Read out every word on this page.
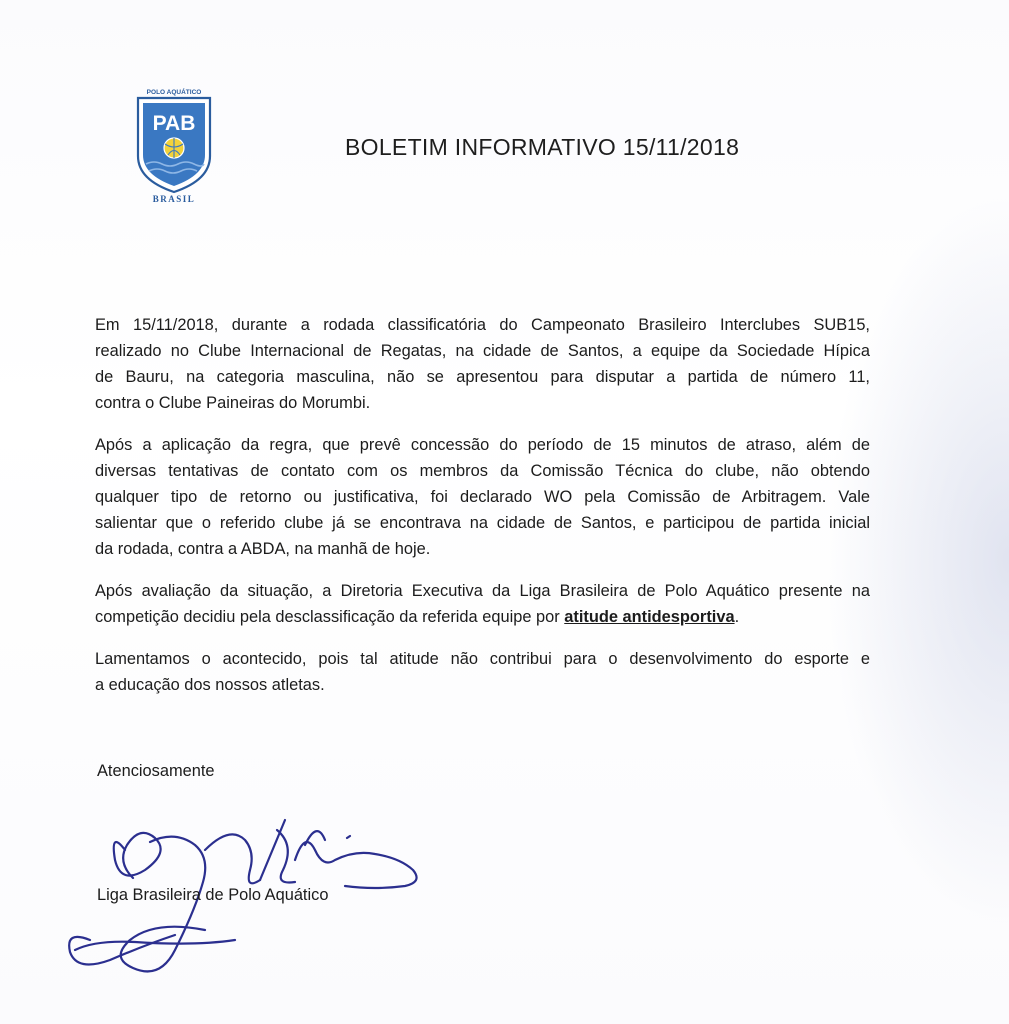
POLO AQUÁTICO
PAB
BRASIL
BOLETIM INFORMATIVO 15/11/2018
Em 15/11/2018, durante a rodada classificatória do Campeonato Brasileiro Interclubes SUB15,
realizado no Clube Internacional de Regatas, na cidade de Santos, a equipe da Sociedade Hípica
de Bauru, na categoria masculina, não se apresentou para disputar a partida de número 11,
contra o Clube Paineiras do Morumbi.
Após a aplicação da regra, que prevê concessão do período de 15 minutos de atraso, além de
diversas tentativas de contato com os membros da Comissão Técnica do clube, não obtendo
qualquer tipo de retorno ou justificativa, foi declarado WO pela Comissão de Arbitragem. Vale
salientar que o referido clube já se encontrava na cidade de Santos, e participou de partida inicial
da rodada, contra a ABDA, na manhã de hoje.
Após avaliação da situação, a Diretoria Executiva da Liga Brasileira de Polo Aquático presente na
competição decidiu pela desclassificação da referida equipe por atitude antidesportiva.
Lamentamos o acontecido, pois tal atitude não contribui para o desenvolvimento do esporte e
a educação dos nossos atletas.
Atenciosamente
Liga Brasileira de Polo Aquático
